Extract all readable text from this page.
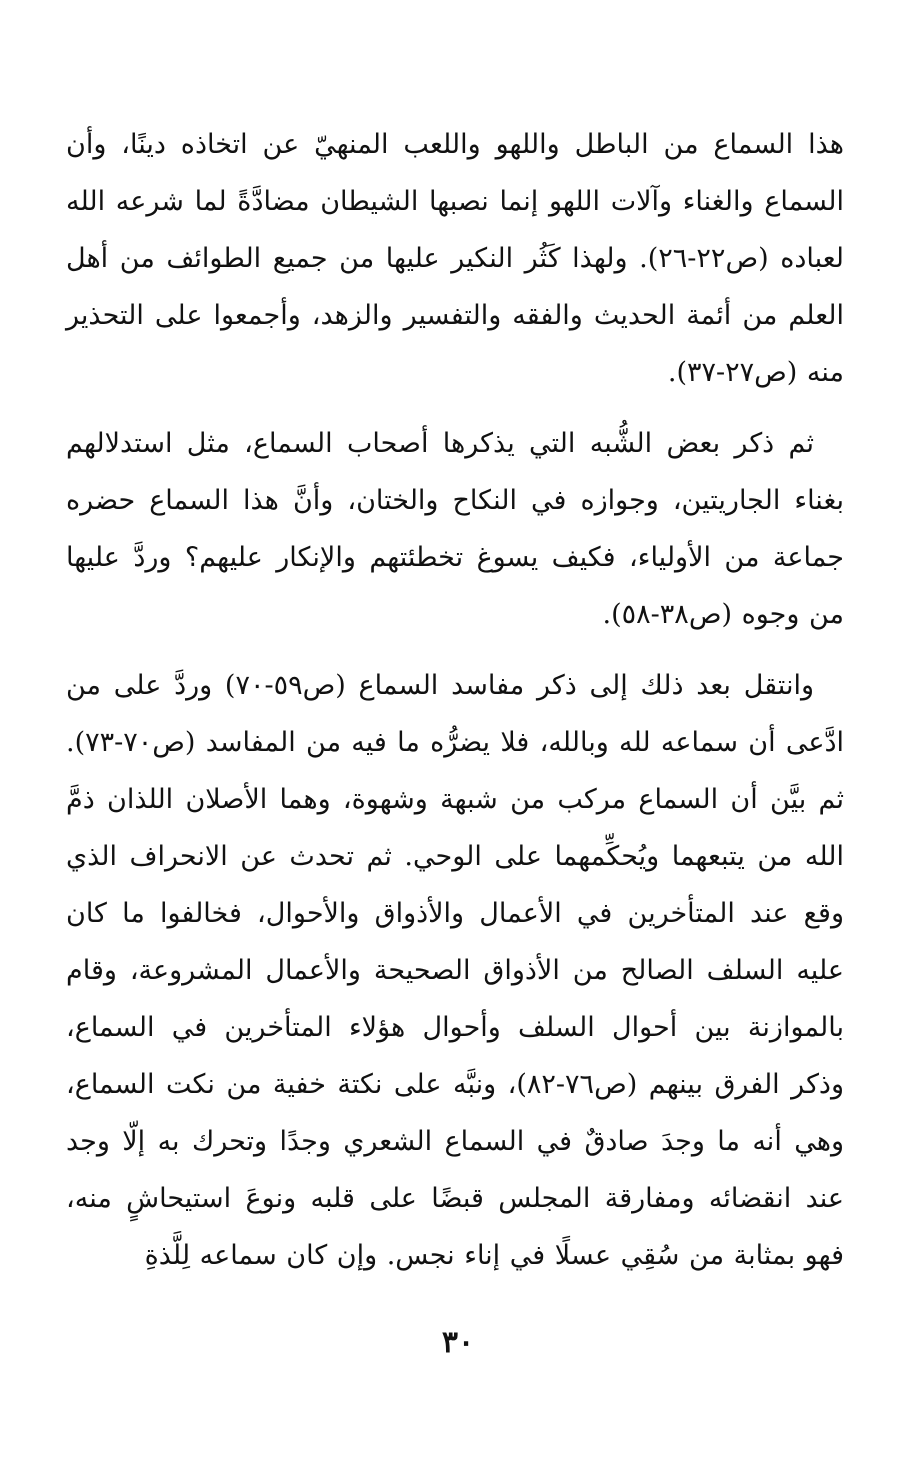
هذا السماع من الباطل واللهو واللعب المنهيّ عن اتخاذه دينًا، وأن السماع والغناء وآلات اللهو إنما نصبها الشيطان مضادَّةً لما شرعه الله لعباده (ص٢٢-٢٦). ولهذا كَثُر النكير عليها من جميع الطوائف من أهل العلم من أئمة الحديث والفقه والتفسير والزهد، وأجمعوا على التحذير منه (ص٢٧-٣٧).

ثم ذكر بعض الشُّبه التي يذكرها أصحاب السماع، مثل استدلالهم بغناء الجاريتين، وجوازه في النكاح والختان، وأنَّ هذا السماع حضره جماعة من الأولياء، فكيف يسوغ تخطئتهم والإنكار عليهم؟ وردَّ عليها من وجوه (ص٣٨-٥٨).

وانتقل بعد ذلك إلى ذكر مفاسد السماع (ص٥٩-٧٠) وردَّ على من ادَّعى أن سماعه لله وبالله، فلا يضرُّه ما فيه من المفاسد (ص٧٠-٧٣). ثم بيَّن أن السماع مركب من شبهة وشهوة، وهما الأصلان اللذان ذمَّ الله من يتبعهما ويُحكِّمهما على الوحي. ثم تحدث عن الانحراف الذي وقع عند المتأخرين في الأعمال والأذواق والأحوال، فخالفوا ما كان عليه السلف الصالح من الأذواق الصحيحة والأعمال المشروعة، وقام بالموازنة بين أحوال السلف وأحوال هؤلاء المتأخرين في السماع، وذكر الفرق بينهم (ص٧٦-٨٢)، ونبَّه على نكتة خفية من نكت السماع، وهي أنه ما وجدَ صادقٌ في السماع الشعري وجدًا وتحرك به إلّا وجد عند انقضائه ومفارقة المجلس قبضًا على قلبه ونوعَ استيحاشٍ منه، فهو بمثابة من سُقِي عسلًا في إناء نجس. وإن كان سماعه لِلَّذةِ

٣٠
